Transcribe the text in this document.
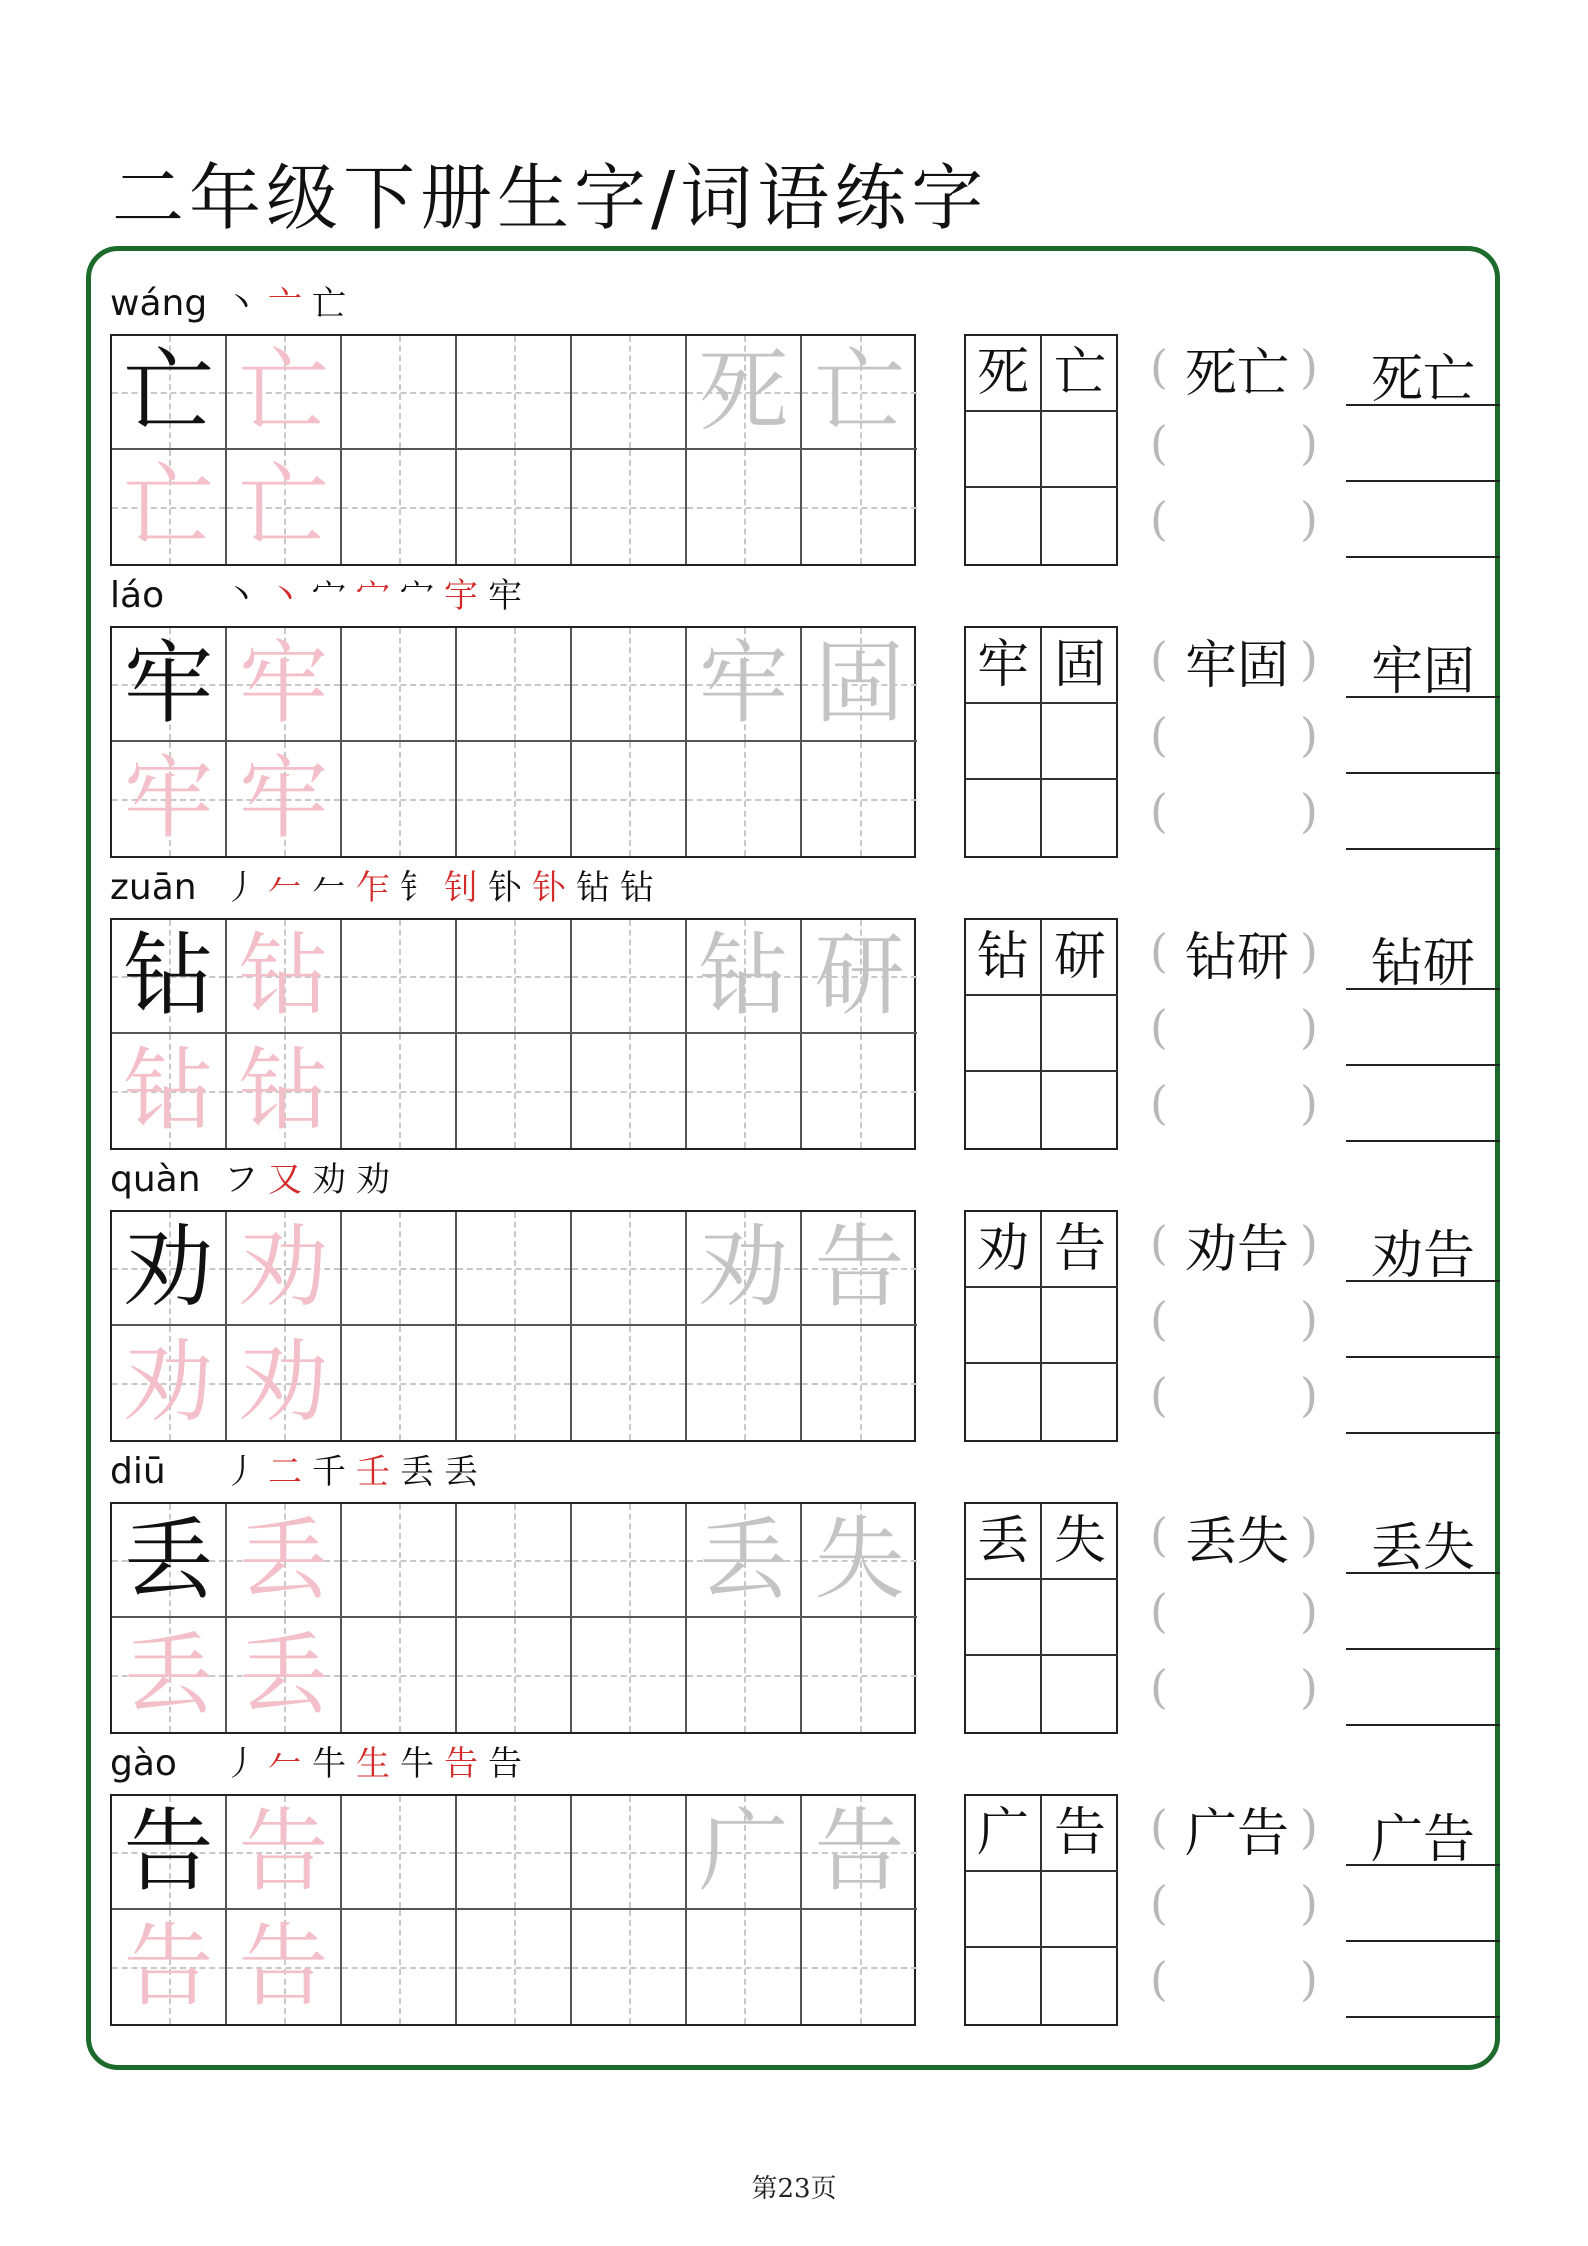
二年级下册生字/词语练字
wáng 丶 亠 亡
亡 亡	死 亡
亡 亡
死 亡 (	)
(	)
(	)
死亡	死亡
láo 丶 丶 宀 宀 宀 宇 牢
牢 牢	牢 固
牢 牢
牢 固 (	)
(	)
(	)
牢固	牢固
zuān 丿 𠂉 𠂉 乍 钅 钊 钋 钋 钻 钻
钻 钻	钻 研
钻 钻
钻 研 (	)
(	)
(	)
钻研	钻研
quàn フ 又 劝 劝
劝 劝	劝 告
劝 劝
劝 告 (	)
(	)
(	)
劝告	劝告
diū 丿 二 千 壬 丢 丢
丢 丢	丢 失
丢 丢
丢 失 (	)
(	)
(	)
丢失	丢失
gào 丿 𠂉 牛 生 牛 告 告
告 告	广 告
告 告
广 告 (	)
(	)
(	)
广告	广告
第23页
